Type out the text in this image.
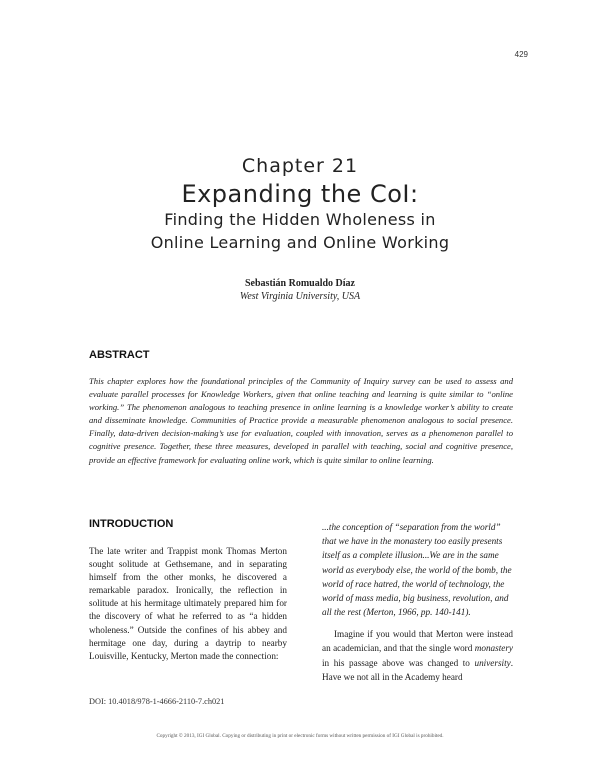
429
Chapter 21
Expanding the CoI:
Finding the Hidden Wholeness in
Online Learning and Online Working
Sebastián Romualdo Díaz
West Virginia University, USA
ABSTRACT
This chapter explores how the foundational principles of the Community of Inquiry survey can be used to assess and evaluate parallel processes for Knowledge Workers, given that online teaching and learning is quite similar to “online working.” The phenomenon analogous to teaching presence in online learning is a knowledge worker’s ability to create and disseminate knowledge. Communities of Practice provide a measurable phenomenon analogous to social presence. Finally, data-driven decision-making’s use for evaluation, coupled with innovation, serves as a phenomenon parallel to cognitive presence. Together, these three measures, developed in parallel with teaching, social and cognitive presence, provide an effective framework for evaluating online work, which is quite similar to online learning.
INTRODUCTION
The late writer and Trappist monk Thomas Merton sought solitude at Gethsemane, and in separating himself from the other monks, he discovered a remarkable paradox. Ironically, the reflection in solitude at his hermitage ultimately prepared him for the discovery of what he referred to as “a hidden wholeness.” Outside the confines of his abbey and hermitage one day, during a daytrip to nearby Louisville, Kentucky, Merton made the connection:
...the conception of “separation from the world” that we have in the monastery too easily presents itself as a complete illusion...We are in the same world as everybody else, the world of the bomb, the world of race hatred, the world of technology, the world of mass media, big business, revolution, and all the rest (Merton, 1966, pp. 140-141).
Imagine if you would that Merton were instead an academician, and that the single word monastery in his passage above was changed to university. Have we not all in the Academy heard
DOI: 10.4018/978-1-4666-2110-7.ch021
Copyright © 2013, IGI Global. Copying or distributing in print or electronic forms without written permission of IGI Global is prohibited.
